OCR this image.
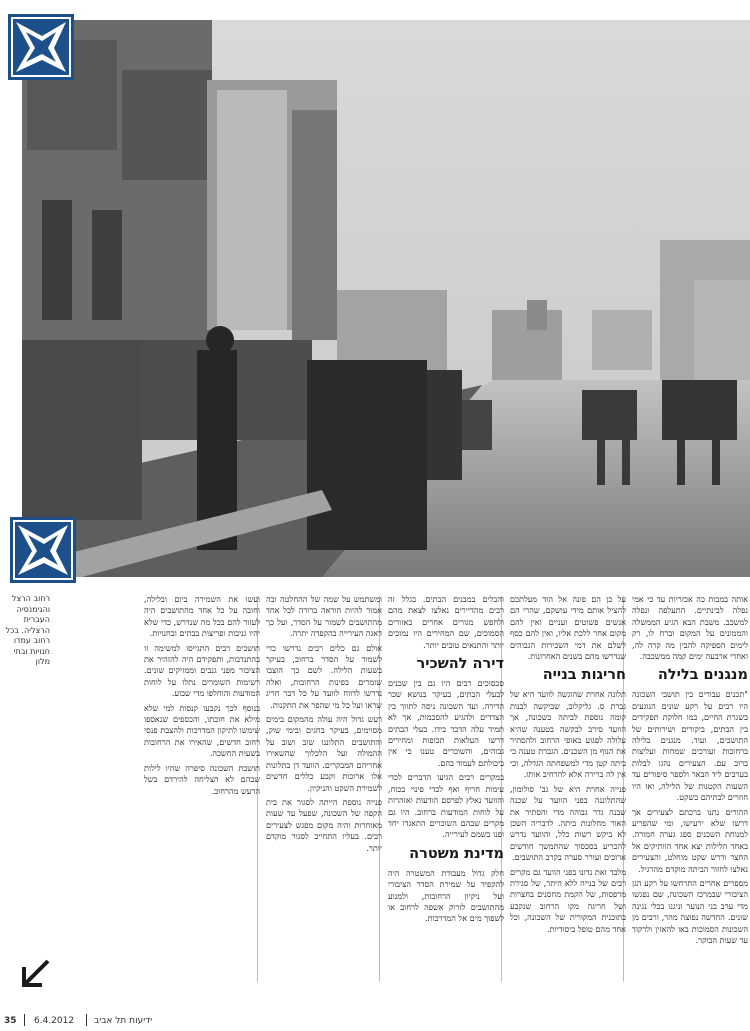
רחוב הרצל
והגימנסיה
העברית
הרצליה. בכל
רחוב עמדו
חנויות ובתי
מלון

אותה במכות כה אכזריות עד כי אמי נפלה לבינתיים. התעלפה ונפלה למשכב. משבת הבא הגיע הממשלה והממונים על המקום וברח לו, רק לימים הספיקה להבין מה קרה לה, ואחרי ארבעה ימים קמה ממשכבה.

מנגנים בלילה

"תכנים עבורים בין תושבי השכונה היו רבים על רקע שונים הנוגעים בשגרת החיים, כמו חלוקת תפקידים בין הבתים, ביקורים ושירותים של התושבים, ועוד. מנגנים בלילה ברחובות ועורכים שמחות ועליצות ברוב עם. הצעירים נהגו לבלות בערבים ליד הבאר ולספר סיפורים עד השעות הקטנות של הלילה, ואז היו חוזרים לבתיהם בשקט.

ההורים נתנו ברכתם לצעירים אך דרשו שלא ירעישו, ומי שהפריע למנוחת השכנים ספג גערה חמורה. באחד הלילות יצא אחד הוותיקים אל החצר ודרש שקט מוחלט, והצעירים נאלצו לחזור הביתה מוקדם מהרגיל.

מספרים אחרים התרחשו על רקע הגן הציבורי שבמרכז השכונה, שם נפגשו מדי ערב בני הנוער וניגנו בכלי נגינה שונים. החדשה נפוצה מהר, ורבים מן השכונות הסמוכות באו להאזין ולרקוד עד שעות הבוקר.

על כן הם פונה אל הוד מעלתכם להציל אותם מידי עושקם, שהרי הם אנשים פשוטים ועניים ואין להם מקום אחר ללכת אליו, ואין להם כסף לשלם את דמי השכירות הגבוהים שנדרשו מהם בשנים האחרונות.

חריגות בנייה

תלונה אחרת שהוגשה לוועד היא של גברת ס. גליקלוב, שביקשה לבנות קומה נוספת לביתה בשכונה, אך הוועד סירב לבקשה בטענה שהיא עלולה לפגוע באופי הרחוב ולהסתיר את הנוף מן השכנים. הגברת טענה כי ביתה קטן מדי למשפחתה הגדלה, וכי אין לה ברירה אלא להרחיב אותו.

פנייה אחרת היא של גב' סולומון, שהתלוננה בפני הוועד על שכנה שבנה גדר גבוהה מדי והסתיר את האור מחלונות ביתה. לדבריה השכן לא ביקש רשות כלל, והוועד נדרש להכריע בסכסוך שהתמשך חודשים ארוכים ועורר סערה בקרב התושבים.

מלבד זאת נדונו בפני הוועד גם מקרים רבים של בנייה ללא היתר, של סגירת מרפסות, של הקמת מחסנים בחצרות ושל חריגה מקו הרחוב שנקבע בתוכנית המקורית של השכונה, וכל אחד מהם טופל ביסודיות.

והבלים במבנים הבתים. בגלל זה רבים מהדיירים נאלצו לצאת מהם ולחפש מגורים אחרים באזורים הסמוכים, שם המחירים היו נמוכים יותר והתנאים טובים יותר.

דירה להשכיר

סכסוכים רבים היו גם בין שכנים לבעלי הבתים, בעיקר בנושא שכר הדירה. ועד השכונה ניסה לתווך בין הצדדים ולהגיע להסכמות, אך לא תמיד עלה הדבר בידו. בעלי הבתים דרשו העלאות תכופות ומחירים גבוהים, והשוכרים טענו כי אין ביכולתם לעמוד בהם.

במקרים רבים הגיעו הדברים לכדי עימות חריף ואף לכדי פינוי בכוח, והוועד נאלץ לפרסם הודעות ואזהרות על לוחות המודעות ברחוב. היו גם מקרים שבהם השוכרים התאגדו יחד ופנו בשמם לעירייה.

מדינת משטרה

חלק גדול מעבודת המשטרה היה להקפיד על שמירת הסדר הציבורי ועל ניקיון הרחובות, ולמנוע מהתושבים לזרוק אשפה לרחוב או לשפוך מים אל המדרכות.

ומשתמש על שמה של ההחלטה ובה אמור להיות הוראה ברורה לכל אחד מהתושבים לשמור על הסדר, ועל כך דאגה העירייה בהקפדה יתרה.

אולם גם כלים רבים נדרשו כדי לשמור על הסדר ברחוב, בעיקר בשעות הלילה. לשם כך הוצבו שומרים בפינות הרחובות, ואלה נדרשו לדווח לוועד על כל דבר חריג שראו ועל כל מי שהפר את התקנות.

רעש גדול היה עולה מהמקום בימים מסוימים, בעיקר בחגים ובימי שוק, והתושבים התלוננו שוב ושוב על ההמולה ועל הלכלוך שהשאירו אחריהם המבקרים. הוועד דן בתלונות אלו ארוכות וקבע כללים חדשים לשמירת השקט והניקיון.

פנייה נוספת הייתה לסגור את בית הקפה של השכונה, שפעל עד שעות מאוחרות והיה מקום מפגש לצעירים רבים. בעליו התחייב לסגור מוקדם יותר.

ועשו את השמירה ביום ובלילה, וחובה על כל אחד מהתושבים היה לעזור להם בכל מה שנדרש, כדי שלא יהיו גניבות ופריצות בבתים ובחנויות.

תושבים רבים התגייסו למשימה זו בהתנדבות, ותפקידם היה להזהיר את הציבור מפני גנבים וממזיקים שונים. רשימות השומרים נתלו על לוחות המודעות והוחלפו מדי שבוע.

בנוסף לכך נקבעו קנסות למי שלא מילא את חובתו, והכספים שנאספו שימשו לתיקון המדרכות ולהצבת פנסי רחוב חדשים, שהאירו את הרחובות בשעות החשכה.

תושבת השכונה סיפרה שהיו לילות שבהם לא הצליחה להירדם בשל הרעש מהרחוב.

35 6.4.2012 ידיעות תל אביב
